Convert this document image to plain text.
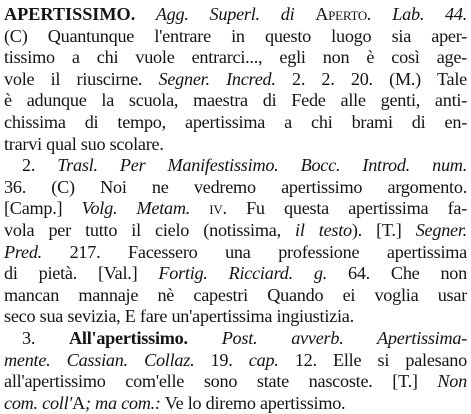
APERTISSIMO. Agg. Superl. di Aperto. Lab. 44.
(C) Quantunque l'entrare in questo luogo sia aper-
tissimo a chi vuole entrarci..., egli non è così age-
vole il riuscirne. Segner. Incred. 2. 2. 20. (M.) Tale
è adunque la scuola, maestra di Fede alle genti, anti-
chissima di tempo, apertissima a chi brami di en-
trarvi qual suo scolare.
2. Trasl. Per Manifestissimo. Bocc. Introd. num.
36. (C) Noi ne vedremo apertissimo argomento.
[Camp.] Volg. Metam. iv. Fu questa apertissima fa-
vola per tutto il cielo (notissima, il testo). [T.] Segner.
Pred. 217. Facessero una professione apertissima
di pietà. [Val.] Fortig. Ricciard. g. 64. Che non
mancan mannaje nè capestri Quando ei voglia usar
seco sua sevizia, E fare un'apertissima ingiustizia.
3. All'apertissimo. Post. avverb. Apertissima-
mente. Cassian. Collaz. 19. cap. 12. Elle si palesano
all'apertissimo com'elle sono state nascoste. [T.] Non
com. coll'A; ma com.: Ve lo diremo apertissimo.
